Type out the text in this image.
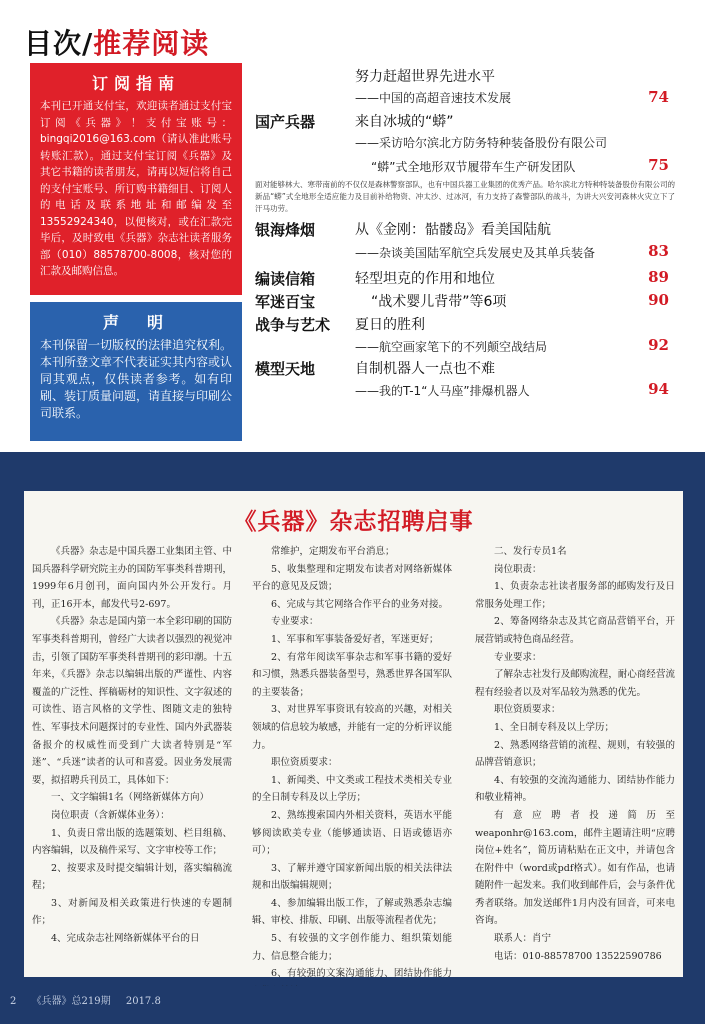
目次/推荐阅读
订阅指南
本刊已开通支付宝，欢迎读者通过支付宝订阅《兵器》！支付宝账号：bingqi2016@163.com（请认准此账号转账汇款）。通过支付宝订阅《兵器》及其它书籍的读者朋友，请再以短信将自己的支付宝账号、所订购书籍细目、订阅人的电话及联系地址和邮编发至13552924340，以便核对，或在汇款完毕后，及时致电《兵器》杂志社读者服务部（010）88578700-8008，核对您的汇款及邮购信息。
声　明
本刊保留一切版权的法律追究权利。本刊所登文章不代表证实其内容或认同其观点，仅供读者参考。如有印刷、装订质量问题，请直接与印刷公司联系。
努力赶超世界先进水平
——中国的高超音速技术发展	74
国产兵器	来自冰城的“蟒”
——采访哈尔滨北方防务特种装备股份有限公司
“蟒”式全地形双节履带车生产研发团队	75
面对能够林大、寒带南前的不仅仅是森林警察部队，也有中国兵器工业集团的优秀产品。哈尔滨北方特种特装备股份有限公司的新品“蟒”式全地形全适应能力及目前补给物资、冲太沙、过冰河，有力支持了森警部队的战斗，为讲大兴安河森林火灾立下了汗马功劳。
银海烽烟	从《金刚：骷髅岛》看美国陆航
——杂谈美国陆军航空兵发展史及其单兵装备	83
编读信箱	轻型坦克的作用和地位	89
军迷百宝	“战术婴儿背带”等6项	90
战争与艺术 夏日的胜利
——航空画家笔下的不列颠空战结局	92
模型天地	自制机器人一点也不难
——我的T-1“人马座”排爆机器人	94
《兵器》杂志招聘启事

《兵器》杂志是中国兵器工业集团主管、中国兵器科学研究院主办的国防军事类科普期刊，1999年6月创刊，面向国内外公开发行。月刊，正16开本，邮发代号2-697。

《兵器》杂志是国内第一本全彩印刷的国防军事类科普期刊，曾经广大读者以强烈的视觉冲击，引领了国防军事类科普期刊的彩印潮。十五年来，《兵器》杂志以编辑出版的严谨性、内容覆盖的广泛性、挥稿砺材的知识性、文字叙述的可读性、语言风格的文学性、图随文走的独特性、军事技术问题探讨的专业性、国内外武器装备报介的权威性而受到广大读者特别是“军迷”、“兵迷”读者的认可和喜爱。因业务发展需要，拟招聘兵刊员工，具体如下：

一、文字编辑1名（网络新媒体方向）

岗位职责（含新媒体业务）：

1、负责日常出版的选题策划、栏目组稿、内容编辑，以及稿件采写、文字审校等工作；

2、按要求及时提交编辑计划，落实编稿流程；

3、对新闻及相关政策进行快速的专题制作；

4、完成杂志社网络新媒体平台的日

常维护，定期发布平台消息；

5、收集整理和定期发布读者对网络新媒体平台的意见及反馈；

6、完成与其它网络合作平台的业务对接。

专业要求：

1、军事和军事装备爱好者，军迷更好；

2、有常年阅读军事杂志和军事书籍的爱好和习惯，熟悉兵器装备型号，熟悉世界各国军队的主要装备；

3、对世界军事资讯有较高的兴趣，对相关领域的信息较为敏感，并能有一定的分析评议能力。

职位资质要求：

1、新闻类、中文类或工程技术类相关专业的全日制专科及以上学历；

2、熟练搜索国内外相关资料，英语水平能够阅读欧美专业（能够通读语、日语或德语亦可）；

3、了解并遵守国家新闻出版的相关法律法规和出版编辑规则；

4、参加编辑出版工作，了解或熟悉杂志编辑、审校、排版、印刷、出版等流程者优先；

5、有较强的文字创作能力、组织策划能力、信息整合能力；

6、有较强的文案沟通能力、团结协作能力

二、发行专员1名

岗位职责：

1、负责杂志社读者服务部的邮购发行及日常服务处理工作；

2、筹备网络杂志及其它商品营销平台，开展营销或特色商品经营。

专业要求：

了解杂志社发行及邮购流程，耐心商经营流程有经验者以及对军品较为熟悉的优先。

职位资质要求：

1、全日制专科及以上学历；

2、熟悉网络营销的流程、规则，有较强的品牌营销意识；

4、有较强的交流沟通能力、团结协作能力和敬业精神。

有意应聘者投递简历至weaponhr@163.com，邮件主题请注明“应聘岗位+姓名”，简历请粘贴在正文中，并请包含在附件中（word或pdf格式）。如有作品，也请随附件一起发来。我们收到邮件后，会与条件优秀者联络。加发送邮件1月内没有回音，可来电咨询。

联系人：肖宁

电话：010-88578700 13522590786

2 《兵器》总219期 2017.8
